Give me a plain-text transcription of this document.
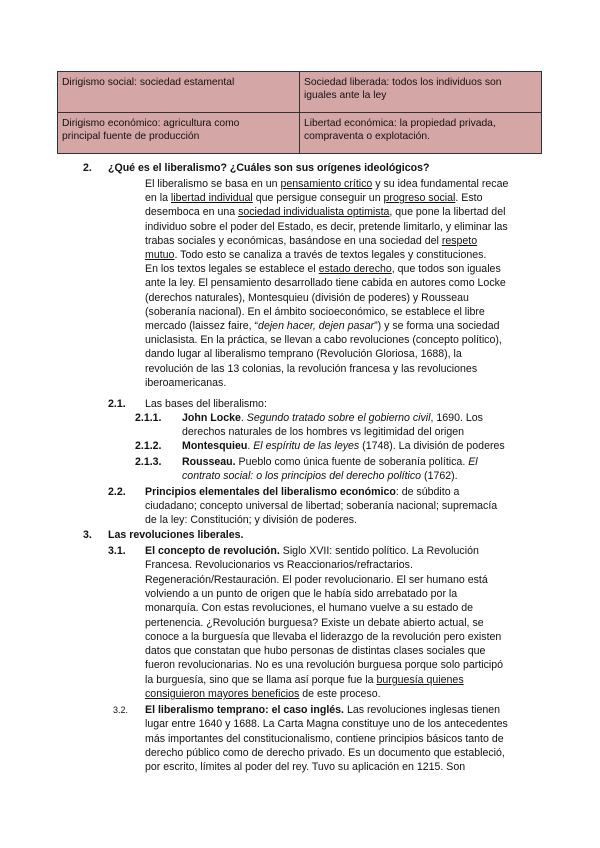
Dirigismo social: sociedad estamental	Sociedad liberada: todos los individuos son
iguales ante la ley
Dirigismo económico: agricultura como
principal fuente de producción	Libertad económica: la propiedad privada,
compraventa o explotación.
2. ¿Qué es el liberalismo? ¿Cuáles son sus orígenes ideológicos?
El liberalismo se basa en un pensamiento crítico y su idea fundamental recae
en la libertad individual que persigue conseguir un progreso social. Esto
desemboca en una sociedad individualista optimista, que pone la libertad del
individuo sobre el poder del Estado, es decir, pretende limitarlo, y eliminar las
trabas sociales y económicas, basándose en una sociedad del respeto
mutuo. Todo esto se canaliza a través de textos legales y constituciones.
En los textos legales se establece el estado derecho, que todos son iguales
ante la ley. El pensamiento desarrollado tiene cabida en autores como Locke
(derechos naturales), Montesquieu (división de poderes) y Rousseau
(soberanía nacional). En el ámbito socioeconómico, se establece el libre
mercado (laissez faire, “dejen hacer, dejen pasar”) y se forma una sociedad
uniclasista. En la práctica, se llevan a cabo revoluciones (concepto político),
dando lugar al liberalismo temprano (Revolución Gloriosa, 1688), la
revolución de las 13 colonias, la revolución francesa y las revoluciones
iberoamericanas.
2.1. Las bases del liberalismo:
2.1.1. John Locke. Segundo tratado sobre el gobierno civil, 1690. Los
derechos naturales de los hombres vs legitimidad del origen
2.1.2. Montesquieu. El espíritu de las leyes (1748). La división de poderes
2.1.3. Rousseau. Pueblo como única fuente de soberanía política. El
contrato social: o los principios del derecho político (1762).
2.2. Principios elementales del liberalismo económico: de súbdito a
ciudadano; concepto universal de libertad; soberanía nacional; supremacía
de la ley: Constitución; y división de poderes.
3. Las revoluciones liberales.
3.1. El concepto de revolución. Siglo XVII: sentido político. La Revolución
Francesa. Revolucionarios vs Reaccionarios/refractarios.
Regeneración/Restauración. El poder revolucionario. El ser humano está
volviendo a un punto de origen que le había sido arrebatado por la
monarquía. Con estas revoluciones, el humano vuelve a su estado de
pertenencia. ¿Revolución burguesa? Existe un debate abierto actual, se
conoce a la burguesía que llevaba el liderazgo de la revolución pero existen
datos que constatan que hubo personas de distintas clases sociales que
fueron revolucionarias. No es una revolución burguesa porque solo participó
la burguesía, sino que se llama así porque fue la burguesía quienes
consiguieron mayores beneficios de este proceso.
3.2. El liberalismo temprano: el caso inglés. Las revoluciones inglesas tienen
lugar entre 1640 y 1688. La Carta Magna constituye uno de los antecedentes
más importantes del constitucionalismo, contiene principios básicos tanto de
derecho público como de derecho privado. Es un documento que estableció,
por escrito, límites al poder del rey. Tuvo su aplicación en 1215. Son
